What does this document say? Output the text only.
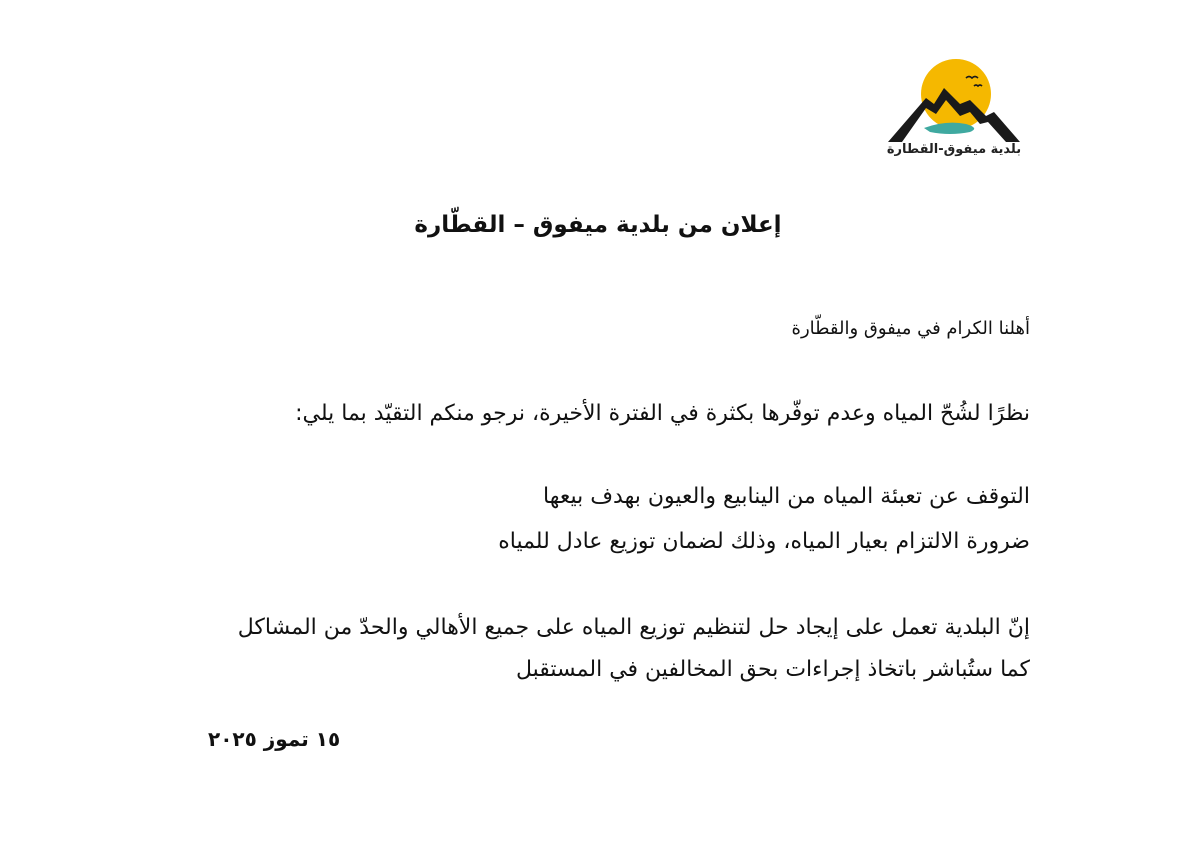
بلدية ميفوق-القطارة
إعلان من بلدية ميفوق – القطّارة
أهلنا الكرام في ميفوق والقطّارة
نظرًا لشُحّ المياه وعدم توفّرها بكثرة في الفترة الأخيرة، نرجو منكم التقيّد بما يلي:
التوقف عن تعبئة المياه من الينابيع والعيون بهدف بيعها
ضرورة الالتزام بعيار المياه، وذلك لضمان توزيع عادل للمياه
إنّ البلدية تعمل على إيجاد حل لتنظيم توزيع المياه على جميع الأهالي والحدّ من المشاكل
كما ستُباشر باتخاذ إجراءات بحق المخالفين في المستقبل
١٥ تموز ٢٠٢٥
